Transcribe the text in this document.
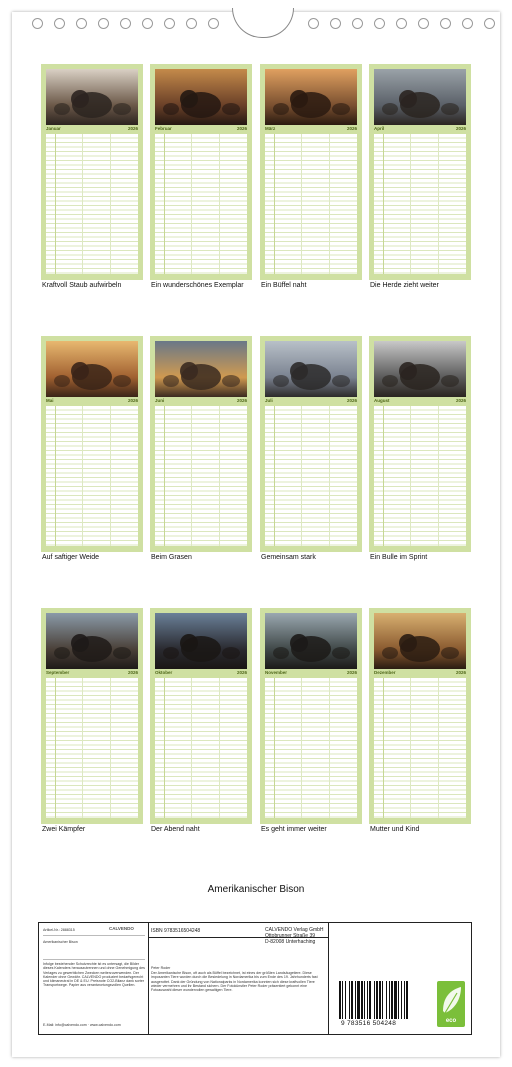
Januar	2026
Kraftvoll Staub aufwirbeln
Februar	2026
Ein wunderschönes Exemplar
März	2026
Ein Büffel naht
April	2026
Die Herde zieht weiter
Mai	2026
Auf saftiger Weide
Juni	2026
Beim Grasen
Juli	2026
Gemeinsam stark
August	2026
Ein Bulle im Sprint
September	2026
Zwei Kämpfer
Oktober	2026
Der Abend naht
November	2026
Es geht immer weiter
Dezember	2026
Mutter und Kind
Amerikanischer Bison
Artikel-Nr.: 2888315	CALVENDO
Amerikanischer Bison
Infolge bestehender Schutzrechte ist es untersagt, die Bilder dieses Kalenders herauszutrennen und ohne Genehmigung des Verlages zu gewerblichen Zwecken weiterzuverwenden. Der Kalender ohne Gewähr. CALVENDO produziert bedarfsgerecht und klimaneutral in DE & EU. Preisnote CO2-Bilanz dank sorter Transportwege. Papier aus verantwortungsvollen Quellen.
E-Mail: info@calvendo.com · www.calvendo.com
ISBN 9783516504248
Peter Roder
Der Amerikanische Bison, oft auch als Büffel bezeichnet, ist eines der größten Landsäugetiere. Diese imposanten Tiere wurden durch die Besiedelung in Nordamerika bis zum Ende des 19. Jahrhunderts fast ausgerottet. Dank der Gründung von Nationalparks in Nordamerika konnten sich diese kraftvollen Tiere wieder vermehren und ihr Bestand sichern. Der Fotokünstler Peter Roder präsentiert gekonnt eine Fotoauswahl dieser wundervollen gewaltigen Tiere.
CALVENDO Verlag GmbH
Ottobrunner Straße 39
D-82008 Unterhaching
9 783516 504248	eco
